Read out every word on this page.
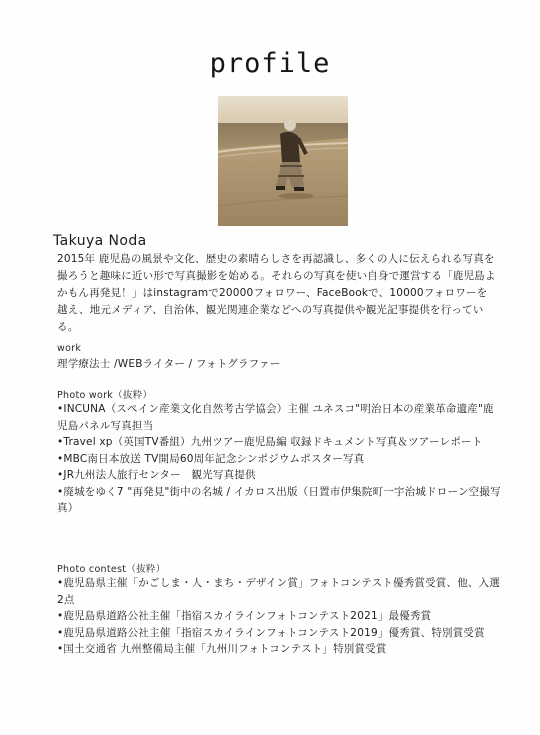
profile
Takuya Noda

2015年 鹿児島の風景や文化、歴史の素晴らしさを再認識し、多くの人に伝えられる写真を撮ろうと趣味に近い形で写真撮影を始める。それらの写真を使い自身で運営する「鹿児島よかもん再発見！」はinstagramで20000フォロワー、FaceBookで、10000フォロワーを越え、地元メディア、自治体、観光関連企業などへの写真提供や観光記事提供を行っている。

work

理学療法士 /WEBライター / フォトグラファー

Photo work（抜粋）
• INCUNA（スペイン産業文化自然考古学協会）主催 ユネスコ"明治日本の産業革命遺産"鹿児島パネル写真担当
• Travel xp（英国TV番組）九州ツアー鹿児島編 収録ドキュメント写真＆ツアーレポート
• MBC南日本放送 TV開局60周年記念シンポジウムポスター写真
• JR九州法人旅行センター　観光写真提供
• 廃城をゆく7 "再発見"街中の名城 / イカロス出版（日置市伊集院町一宇治城ドローン空撮写真）
Photo contest（抜粋）
• 鹿児島県主催「かごしま・人・まち・デザイン賞」フォトコンテスト優秀賞受賞、他、入選2点
• 鹿児島県道路公社主催「指宿スカイラインフォトコンテスト2021」最優秀賞
• 鹿児島県道路公社主催「指宿スカイラインフォトコンテスト2019」優秀賞、特別賞受賞
• 国土交通省 九州整備局主催「九州川フォトコンテスト」特別賞受賞
